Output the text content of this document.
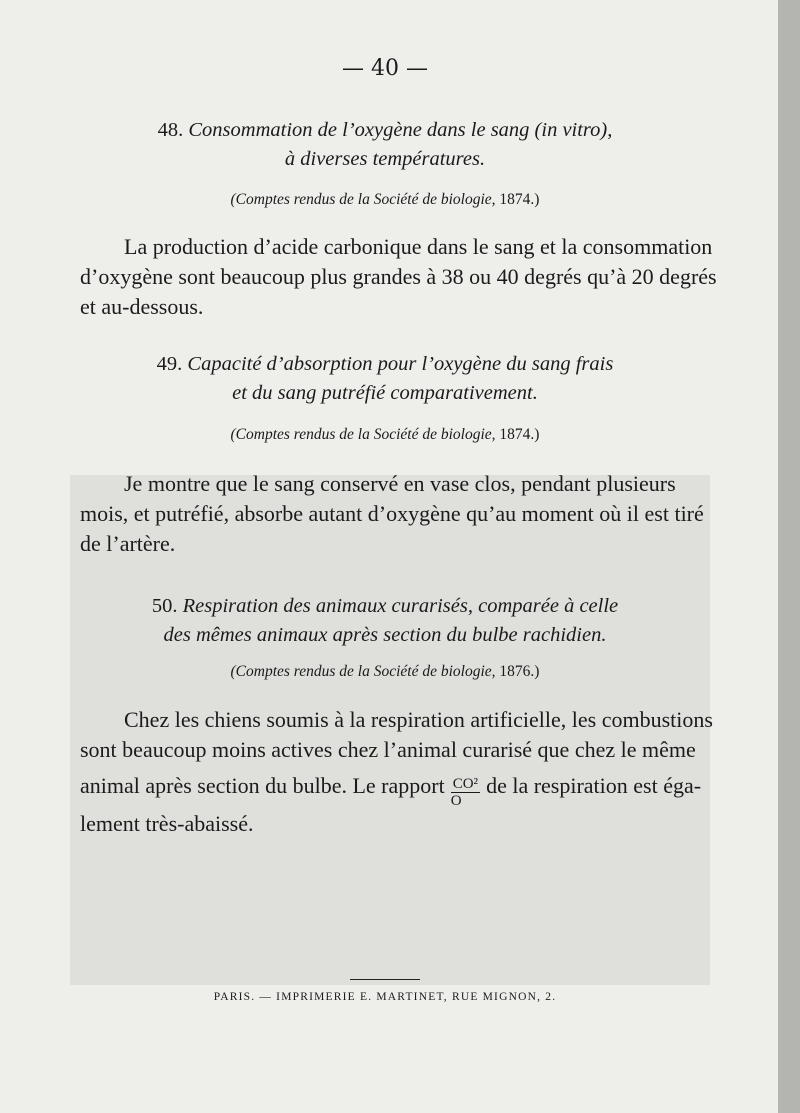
— 40 —
48. Consommation de l’oxygène dans le sang (in vitro),
à diverses températures.
(Comptes rendus de la Société de biologie, 1874.)
La production d’acide carbonique dans le sang et la consommation
d’oxygène sont beaucoup plus grandes à 38 ou 40 degrés qu’à 20 degrés
et au-dessous.
49. Capacité d’absorption pour l’oxygène du sang frais
et du sang putréfié comparativement.
(Comptes rendus de la Société de biologie, 1874.)
Je montre que le sang conservé en vase clos, pendant plusieurs
mois, et putréfié, absorbe autant d’oxygène qu’au moment où il est tiré
de l’artère.
50. Respiration des animaux curarisés, comparée à celle
des mêmes animaux après section du bulbe rachidien.
(Comptes rendus de la Société de biologie, 1876.)
Chez les chiens soumis à la respiration artificielle, les combustions
sont beaucoup moins actives chez l’animal curarisé que chez le même
animal après section du bulbe. Le rapport $\frac{\text{CO²}}{O}$ de la respiration est éga-
lement très-abaissé.
PARIS. — IMPRIMERIE E. MARTINET, RUE MIGNON, 2.
